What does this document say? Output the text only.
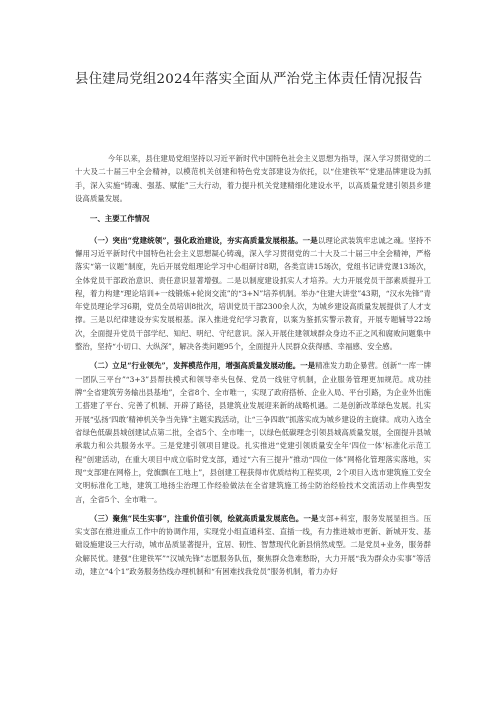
县住建局党组2024年落实全面从严治党主体责任情况报告

今年以来，县住建局党组坚持以习近平新时代中国特色社会主义思想为指导，深入学习贯彻党的二十大及二十届三中全会精神，以模范机关创建和特色党支部建设为依托，以“住建铁军”党建品牌建设为抓手，深入实施“铸魂、强基、赋能”三大行动，着力提升机关党建精细化建设水平，以高质量党建引领县乡建设高质量发展。

一、主要工作情况

（一）突出“党建统领”，强化政治建设，夯实高质量发展根基。一是以理论武装筑牢忠诚之魂。坚持不懈用习近平新时代中国特色社会主义思想凝心铸魂，深入学习贯彻党的二十大及二十届三中全会精神，严格落实“第一议题”制度，先后开展党组理论学习中心组研讨8期，各类宣讲15场次，党组书记讲党课13场次，全体党员干部政治意识、责任意识显著增强。二是以制度建设抓实人才培养。大力开展党员干部素质提升工程，着力构建“理论培训+一线锻炼+轮岗交流”的“3+N”培养机制。举办“住建大讲堂”43期，“汉水先锋”青年党员理论学习6期，党员全员培训8批次，培训党员干部2300余人次，为城乡建设高质量发展提供了人才支撑。三是以纪律建设夯实发展根基。深入推进党纪学习教育，以案为鉴抓实警示教育，开展专题辅导22场次，全面提升党员干部学纪、知纪、明纪、守纪意识。深入开展住建领域群众身边不正之风和腐败问题集中整治，坚持“小切口、大纵深”，解决各类问题95个，全面提升人民群众获得感、幸福感、安全感。

（二）立足“行业领先”，发挥模范作用，增强高质量发展动能。一是精准发力助企暴营。创新“一库一牌一团队三平台”“3+3”县帮扶模式和领导牵头包保、党员一线驻守机制，企业服务管理更加规范。成功挂牌“全省建筑劳务输出县基地”，全省8个、全市唯一，实现了政府搭桥、企业入局、平台引路，为企业外出施工搭建了平台、完善了机制、开辟了路径，县建筑业发展迎来新的战略机遇。二是创新改革绿色发展。扎实开展“弘扬‘四敢’精神机关争当先锋”主题实践活动，让“三争四敢”抓落实成为城乡建设的主旋律。成功入选全省绿色低碳县城创建试点第二批，全省5个、全市唯一，以绿色低碳理念引领县城高质量发展，全面提升县城承载力和公共服务水平。三是党建引领项目建设。扎实推进“党建引领质量安全年‘四位一体’标准化示范工程”创建活动，在重大项目中成立临时党支部，通过“六有三提升”推动“四位一体”网格化管理落实落地，实现“支部建在网格上，党旗飘在工地上”，县创建工程获得市优质结构工程奖项，2个项目入选市建筑施工安全文明标准化工地，建筑工地扬尘治理工作经验做法在全省建筑施工扬尘防治经验技术交流活动上作典型发言，全省5个、全市唯一。

（三）聚焦“民生实事”，注重价值引领，绘就高质量发展底色。一是支部+科室，服务发展显担当。压实支部在推进重点工作中的协调作用，实现党小组直通科室、直插一线，有力推进城市更新、新城开发、基础设施建设三大行动，城市品质显著提升，宜居、韧性、智慧现代化新县悄然成型。二是党员+业务，服务群众解民忧。建强“住建铁军”“汉城先锋”志愿服务队伍，聚焦群众急难愁盼，大力开展“我为群众办实事”等活动，建立“4个1”政务服务热线办理机制和“有困难找我党员”服务机制，着力办好
